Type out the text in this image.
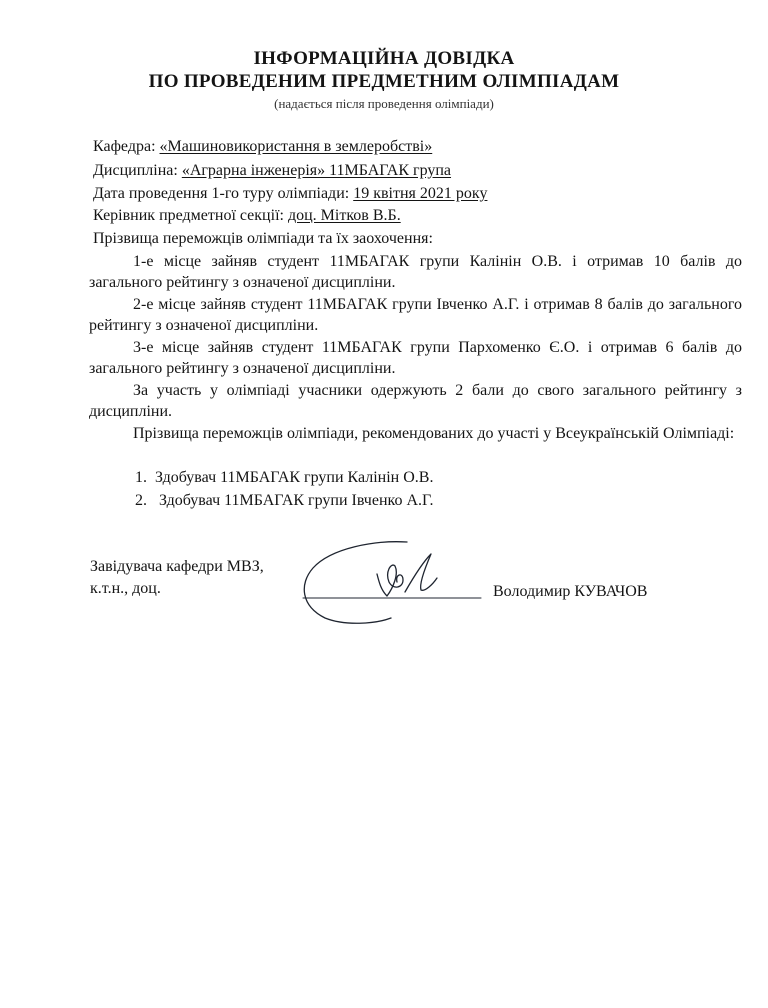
ІНФОРМАЦІЙНА ДОВІДКА
ПО ПРОВЕДЕНИМ ПРЕДМЕТНИМ ОЛІМПІАДАМ
(надається після проведення олімпіади)
Кафедра: «Машиновикористання в землеробстві»
Дисципліна: «Аграрна інженерія» 11МБАГАК група
Дата проведення 1-го туру олімпіади: 19 квітня 2021 року
Керівник предметної секції: доц. Мітков В.Б.
Прізвища переможців олімпіади та їх заохочення:
1-е місце зайняв студент 11МБАГАК групи Калінін О.В. і отримав 10 балів до загального рейтингу з означеної дисципліни.
2-е місце зайняв студент 11МБАГАК групи Івченко А.Г. і отримав 8 балів до загального рейтингу з означеної дисципліни.
3-е місце зайняв студент 11МБАГАК групи Пархоменко Є.О. і отримав 6 балів до загального рейтингу з означеної дисципліни.
За участь у олімпіаді учасники одержують 2 бали до свого загального рейтингу з дисципліни.
Прізвища переможців олімпіади, рекомендованих до участі у Всеукраїнській Олімпіаді:
1. Здобувач 11МБАГАК групи Калінін О.В.
2. Здобувач 11МБАГАК групи Івченко А.Г.
Завідувача кафедри МВЗ,
к.т.н., доц.	Володимир КУВАЧОВ
